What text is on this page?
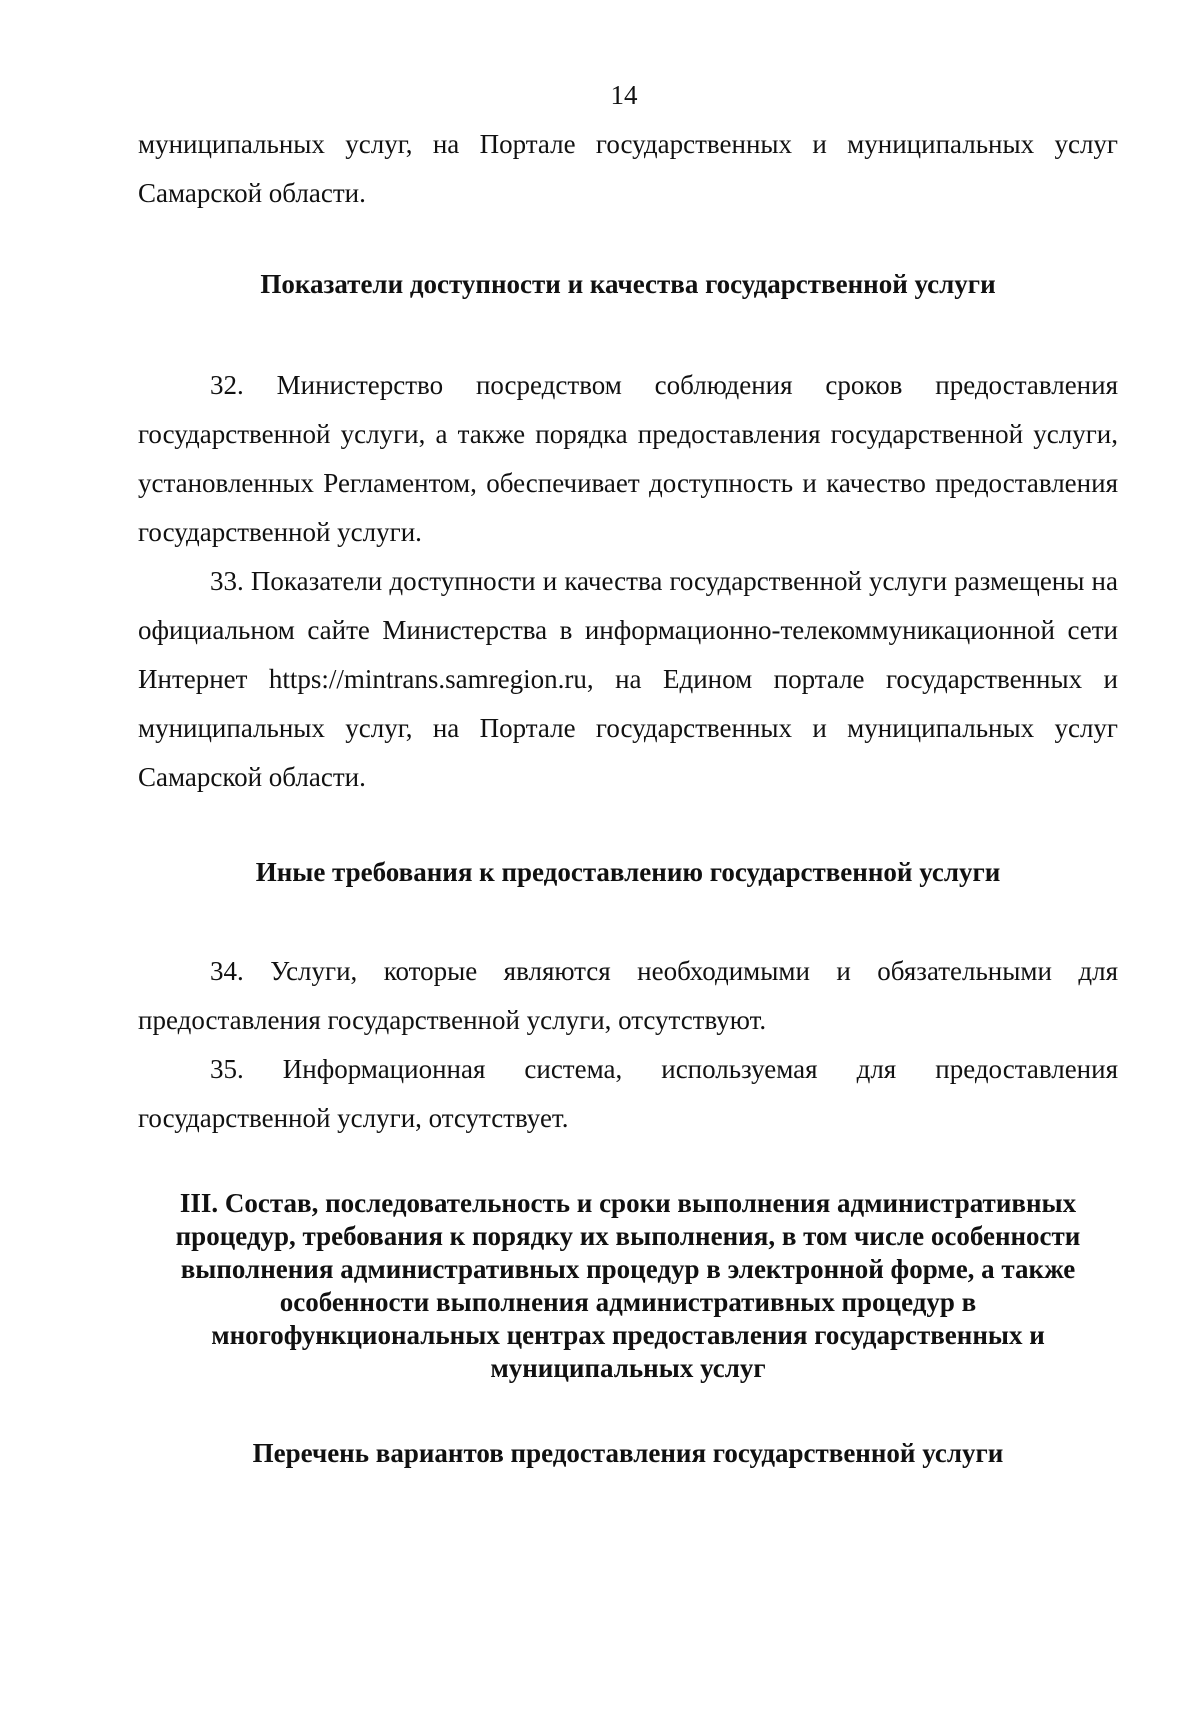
14

муниципальных услуг, на Портале государственных и муниципальных услуг Самарской области.

Показатели доступности и качества государственной услуги

32. Министерство посредством соблюдения сроков предоставления государственной услуги, а также порядка предоставления государственной услуги, установленных Регламентом, обеспечивает доступность и качество предоставления государственной услуги.

33. Показатели доступности и качества государственной услуги размещены на официальном сайте Министерства в информационно-телекоммуникационной сети Интернет https://mintrans.samregion.ru, на Едином портале государственных и муниципальных услуг, на Портале государственных и муниципальных услуг Самарской области.

Иные требования к предоставлению государственной услуги

34. Услуги, которые являются необходимыми и обязательными для предоставления государственной услуги, отсутствуют.

35. Информационная система, используемая для предоставления государственной услуги, отсутствует.

III. Состав, последовательность и сроки выполнения административных процедур, требования к порядку их выполнения, в том числе особенности выполнения административных процедур в электронной форме, а также особенности выполнения административных процедур в многофункциональных центрах предоставления государственных и муниципальных услуг

Перечень вариантов предоставления государственной услуги
